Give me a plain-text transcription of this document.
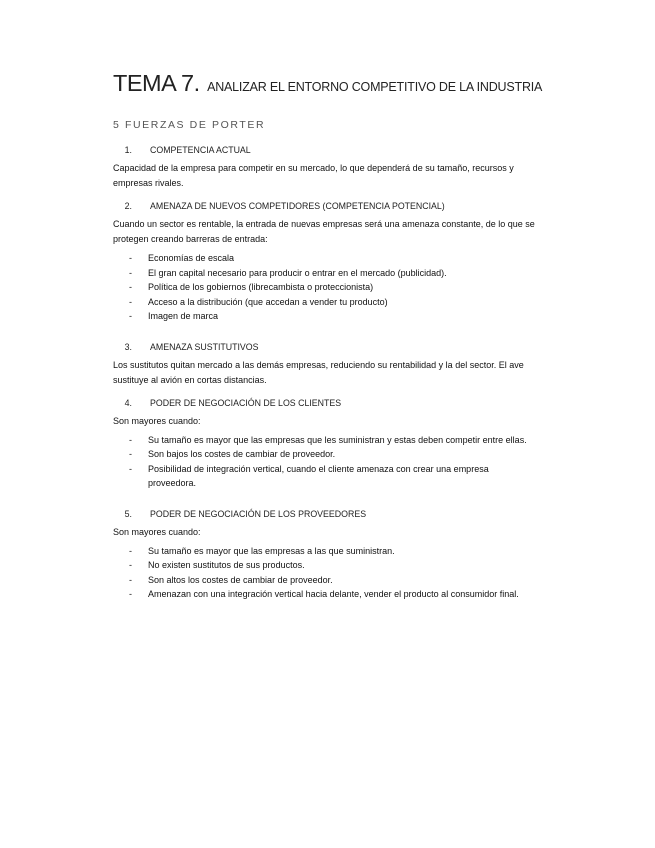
TEMA 7. ANALIZAR EL ENTORNO COMPETITIVO DE LA INDUSTRIA
5 FUERZAS DE PORTER
1. COMPETENCIA ACTUAL

Capacidad de la empresa para competir en su mercado, lo que dependerá de su tamaño, recursos y empresas rivales.

2. AMENAZA DE NUEVOS COMPETIDORES (COMPETENCIA POTENCIAL)

Cuando un sector es rentable, la entrada de nuevas empresas será una amenaza constante, de lo que se protegen creando barreras de entrada:

-	Economías de escala
-	El gran capital necesario para producir o entrar en el mercado (publicidad).
-	Política de los gobiernos (librecambista o proteccionista)
-	Acceso a la distribución (que accedan a vender tu producto)
-	Imagen de marca
3. AMENAZA SUSTITUTIVOS

Los sustitutos quitan mercado a las demás empresas, reduciendo su rentabilidad y la del sector. El ave sustituye al avión en cortas distancias.

4. PODER DE NEGOCIACIÓN DE LOS CLIENTES

Son mayores cuando:

-	Su tamaño es mayor que las empresas que les suministran y estas deben competir entre ellas.
-	Son bajos los costes de cambiar de proveedor.
-	Posibilidad de integración vertical, cuando el cliente amenaza con crear una empresa proveedora.
5. PODER DE NEGOCIACIÓN DE LOS PROVEEDORES

Son mayores cuando:

-	Su tamaño es mayor que las empresas a las que suministran.
-	No existen sustitutos de sus productos.
-	Son altos los costes de cambiar de proveedor.
-	Amenazan con una integración vertical hacia delante, vender el producto al consumidor final.
